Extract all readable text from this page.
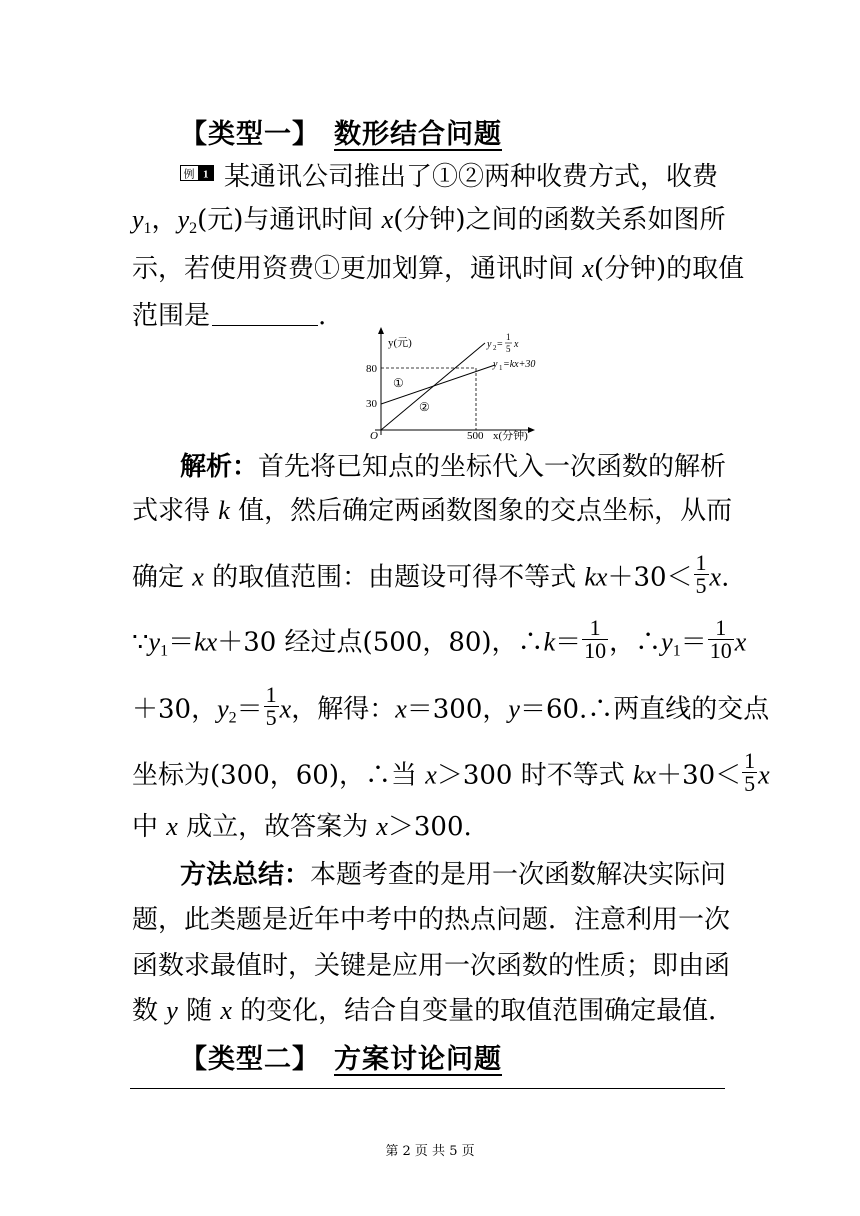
【类型一】 数形结合问题
例 1 某通讯公司推出了①②两种收费方式，收费
$y_1$，$y_2$(元)与通讯时间 x(分钟)之间的函数关系如图所
示，若使用资费①更加划算，通讯时间 x(分钟)的取值
范围是	.
80
30
O	500
y(元)
x(分钟)
①
②
y 2 =
1
5 x
y 1 =kx+30
解析：首先将已知点的坐标代入一次函数的解析
式求得 k 值，然后确定两函数图象的交点坐标，从而
确定 x 的取值范围：由题设可得不等式 $kx+30< \frac{1}{5} x$.
$\because y_1=kx+30$ 经过点(500，80)，∴k＝ $\frac{1}{10}$ ，$\therefore y_1= \frac{1}{10}$ x
＋30，$y_2= \frac{1}{5}$ x，解得：x＝300，y＝60.∴两直线的交点
坐标为(300，60)，∴当 x＞300 时不等式 $kx+30< \frac{1}{5}$ x
中 x 成立，故答案为 x＞300.
方法总结：本题考查的是用一次函数解决实际问
题，此类题是近年中考中的热点问题．注意利用一次
函数求最值时，关键是应用一次函数的性质；即由函
数 y 随 x 的变化，结合自变量的取值范围确定最值．
【类型二】 方案讨论问题
第 2 页 共 5 页
